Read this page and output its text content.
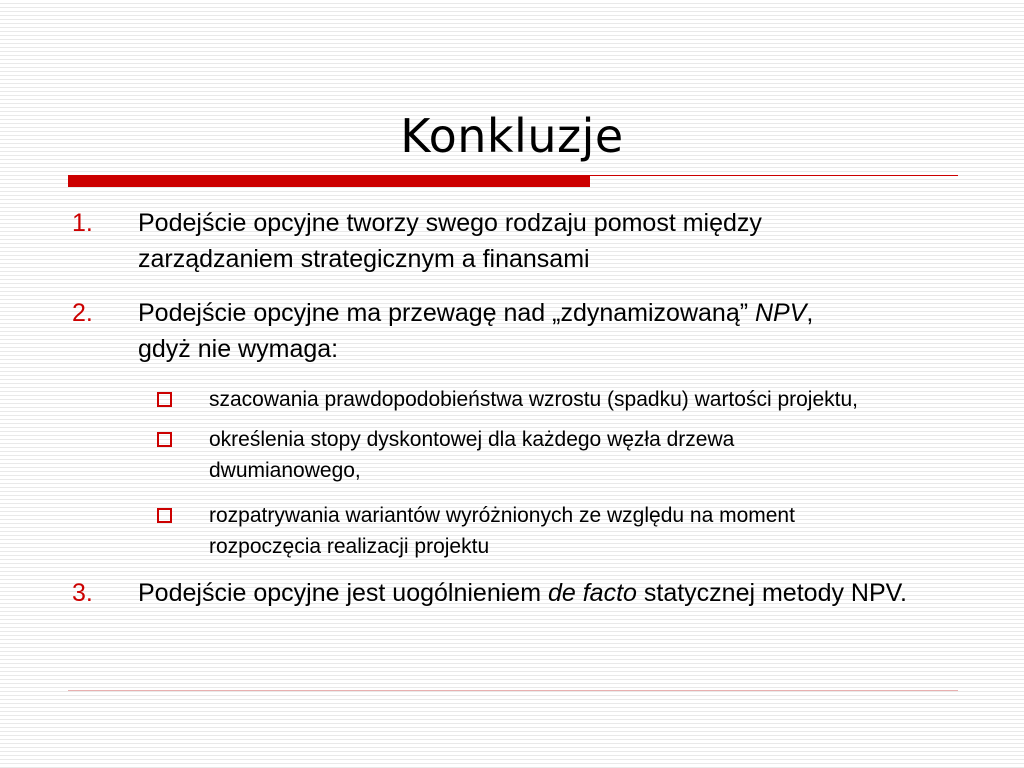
Konkluzje
1. Podejście opcyjne tworzy swego rodzaju pomost między
zarządzaniem strategicznym a finansami
2. Podejście opcyjne ma przewagę nad „zdynamizowaną” NPV,
gdyż nie wymaga:
szacowania prawdopodobieństwa wzrostu (spadku) wartości projektu,
określenia stopy dyskontowej dla każdego węzła drzewa
dwumianowego,
rozpatrywania wariantów wyróżnionych ze względu na moment
rozpoczęcia realizacji projektu
3. Podejście opcyjne jest uogólnieniem de facto statycznej metody NPV.
